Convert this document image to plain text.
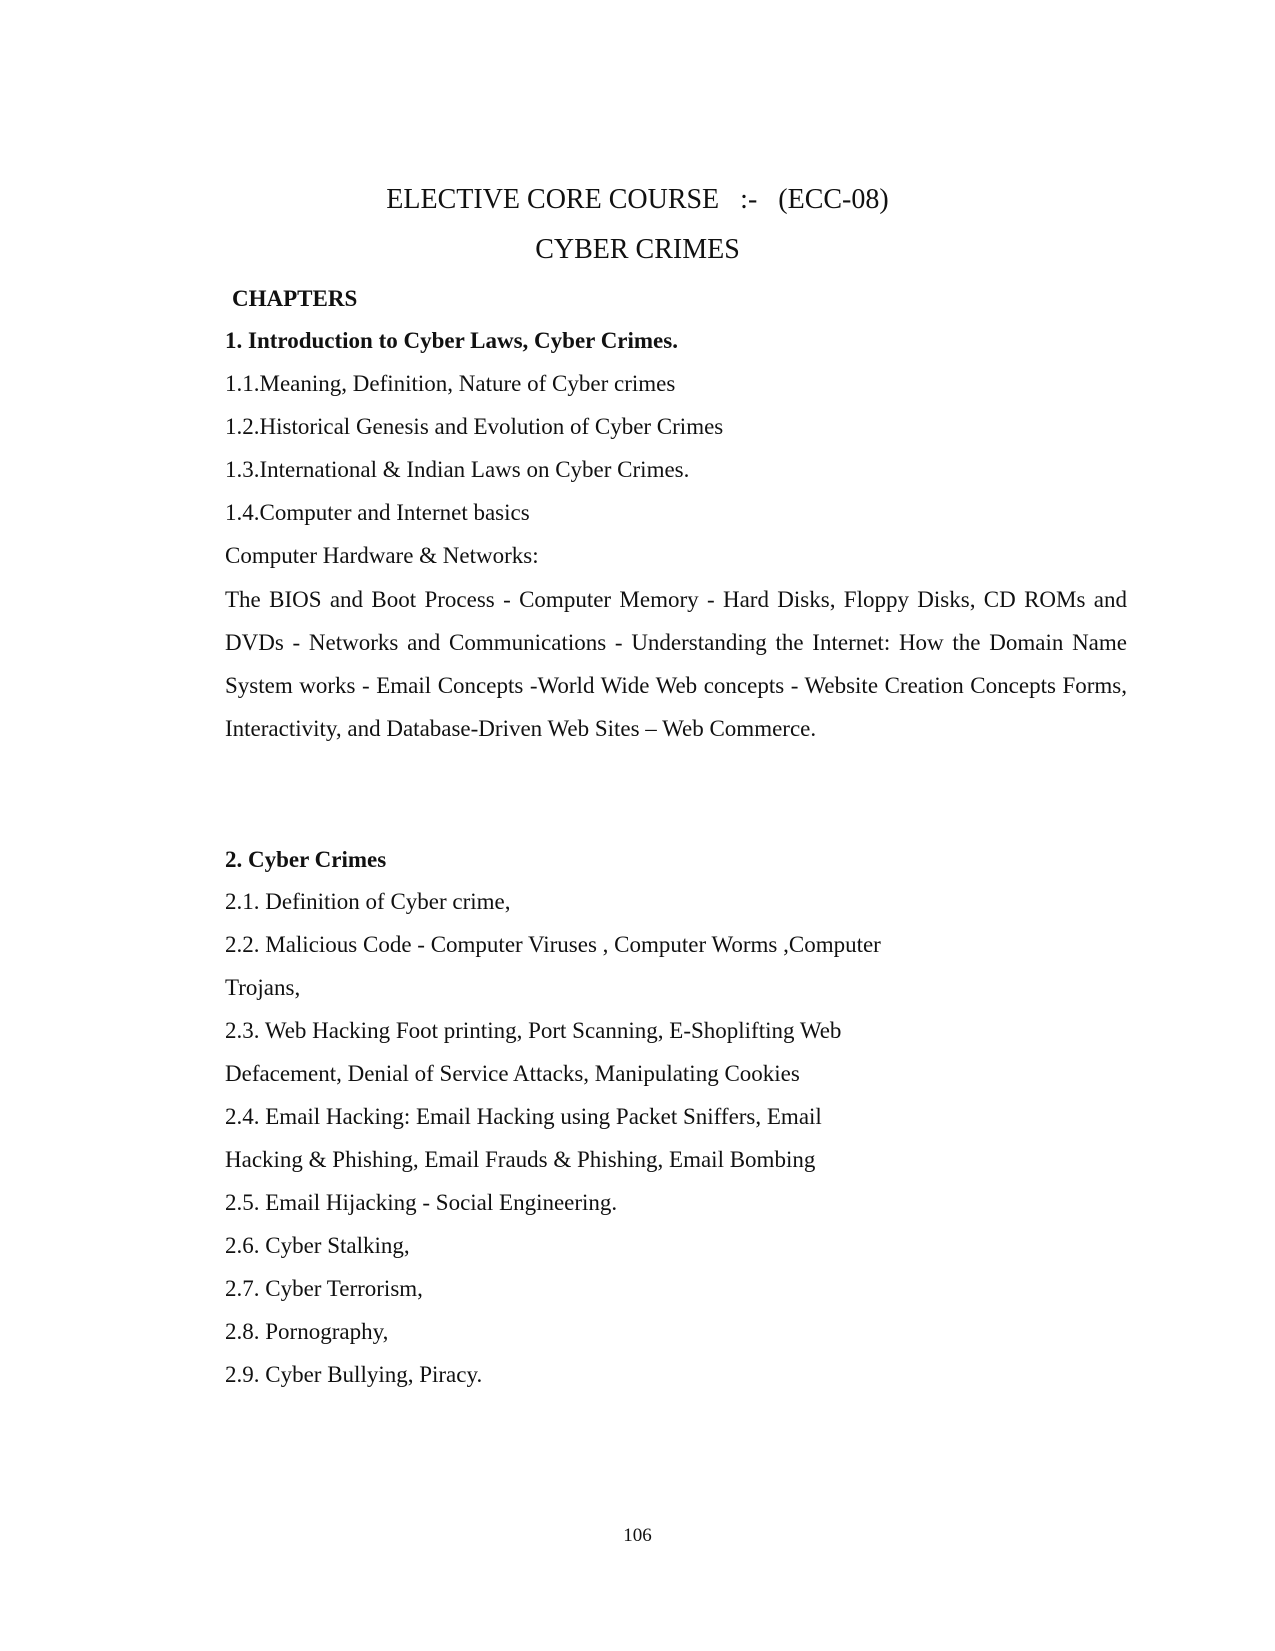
ELECTIVE CORE COURSE   :-   (ECC-08)

CYBER CRIMES

CHAPTERS

1. Introduction to Cyber Laws, Cyber Crimes.

1.1.Meaning, Definition, Nature of Cyber crimes

1.2.Historical Genesis and Evolution of Cyber Crimes

1.3.International & Indian Laws on Cyber Crimes.

1.4.Computer and Internet basics

Computer Hardware & Networks:

The BIOS and Boot Process - Computer Memory - Hard Disks, Floppy Disks, CD ROMs and DVDs - Networks and Communications - Understanding the Internet: How the Domain Name System works - Email Concepts -World Wide Web concepts - Website Creation Concepts Forms, Interactivity, and Database-Driven Web Sites – Web Commerce.

2. Cyber Crimes

2.1. Definition of Cyber crime,

2.2. Malicious Code - Computer Viruses , Computer Worms ,Computer

Trojans,

2.3. Web Hacking Foot printing, Port Scanning, E-Shoplifting Web

Defacement, Denial of Service Attacks, Manipulating Cookies

2.4. Email Hacking: Email Hacking using Packet Sniffers, Email

Hacking & Phishing, Email Frauds & Phishing, Email Bombing

2.5. Email Hijacking - Social Engineering.

2.6. Cyber Stalking,

2.7. Cyber Terrorism,

2.8. Pornography,

2.9. Cyber Bullying, Piracy.

106
